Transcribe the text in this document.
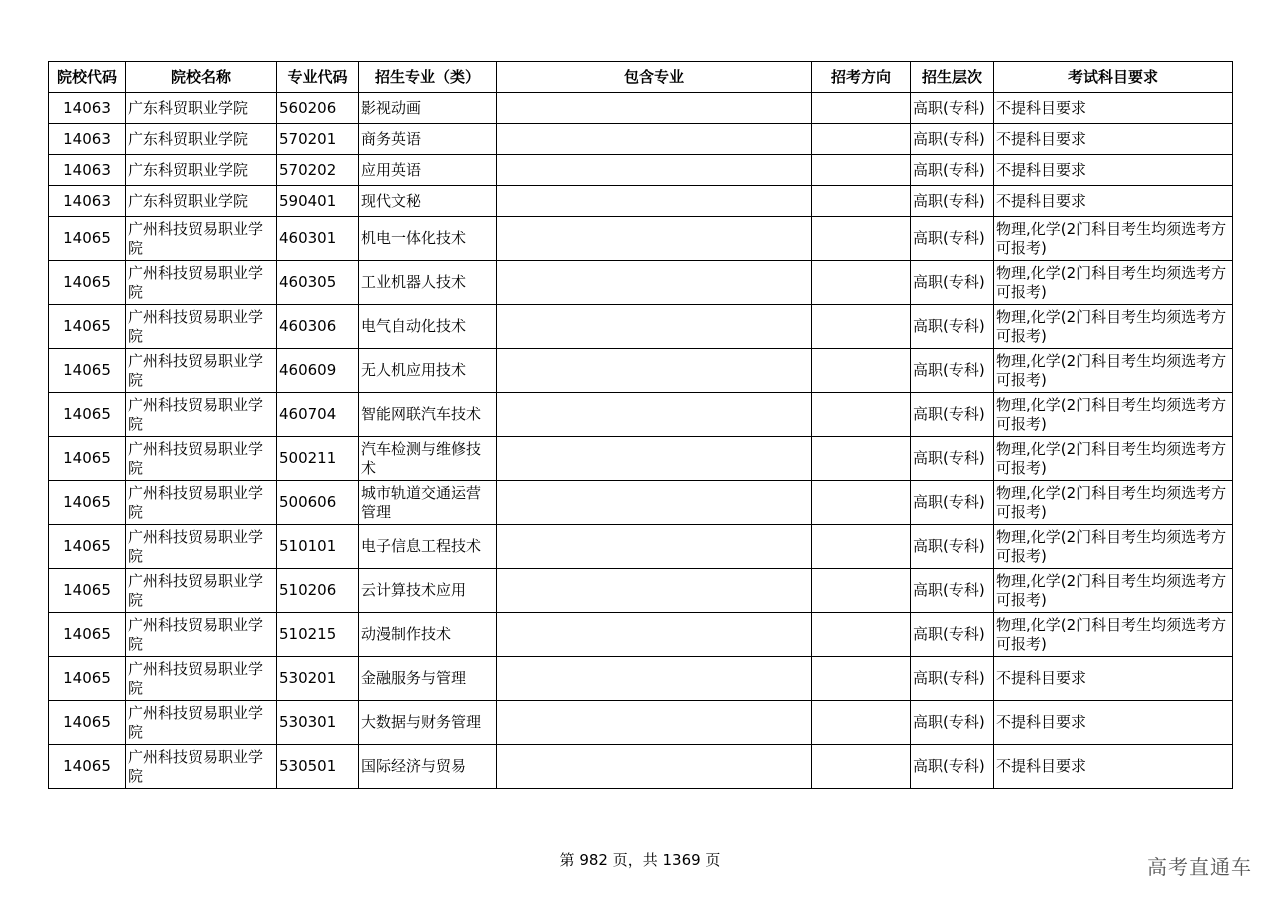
院校代码	院校名称	专业代码	招生专业（类）	包含专业	招考方向	招生层次	考试科目要求
14063	广东科贸职业学院	560206	影视动画			高职(专科)	不提科目要求
14063	广东科贸职业学院	570201	商务英语			高职(专科)	不提科目要求
14063	广东科贸职业学院	570202	应用英语			高职(专科)	不提科目要求
14063	广东科贸职业学院	590401	现代文秘			高职(专科)	不提科目要求
14065	广州科技贸易职业学院	460301	机电一体化技术			高职(专科)	物理,化学(2门科目考生均须选考方可报考)
14065	广州科技贸易职业学院	460305	工业机器人技术			高职(专科)	物理,化学(2门科目考生均须选考方可报考)
14065	广州科技贸易职业学院	460306	电气自动化技术			高职(专科)	物理,化学(2门科目考生均须选考方可报考)
14065	广州科技贸易职业学院	460609	无人机应用技术			高职(专科)	物理,化学(2门科目考生均须选考方可报考)
14065	广州科技贸易职业学院	460704	智能网联汽车技术			高职(专科)	物理,化学(2门科目考生均须选考方可报考)
14065	广州科技贸易职业学院	500211	汽车检测与维修技术			高职(专科)	物理,化学(2门科目考生均须选考方可报考)
14065	广州科技贸易职业学院	500606	城市轨道交通运营管理			高职(专科)	物理,化学(2门科目考生均须选考方可报考)
14065	广州科技贸易职业学院	510101	电子信息工程技术			高职(专科)	物理,化学(2门科目考生均须选考方可报考)
14065	广州科技贸易职业学院	510206	云计算技术应用			高职(专科)	物理,化学(2门科目考生均须选考方可报考)
14065	广州科技贸易职业学院	510215	动漫制作技术			高职(专科)	物理,化学(2门科目考生均须选考方可报考)
14065	广州科技贸易职业学院	530201	金融服务与管理			高职(专科)	不提科目要求
14065	广州科技贸易职业学院	530301	大数据与财务管理			高职(专科)	不提科目要求
14065	广州科技贸易职业学院	530501	国际经济与贸易			高职(专科)	不提科目要求
第 982 页，共 1369 页	高考直通车
